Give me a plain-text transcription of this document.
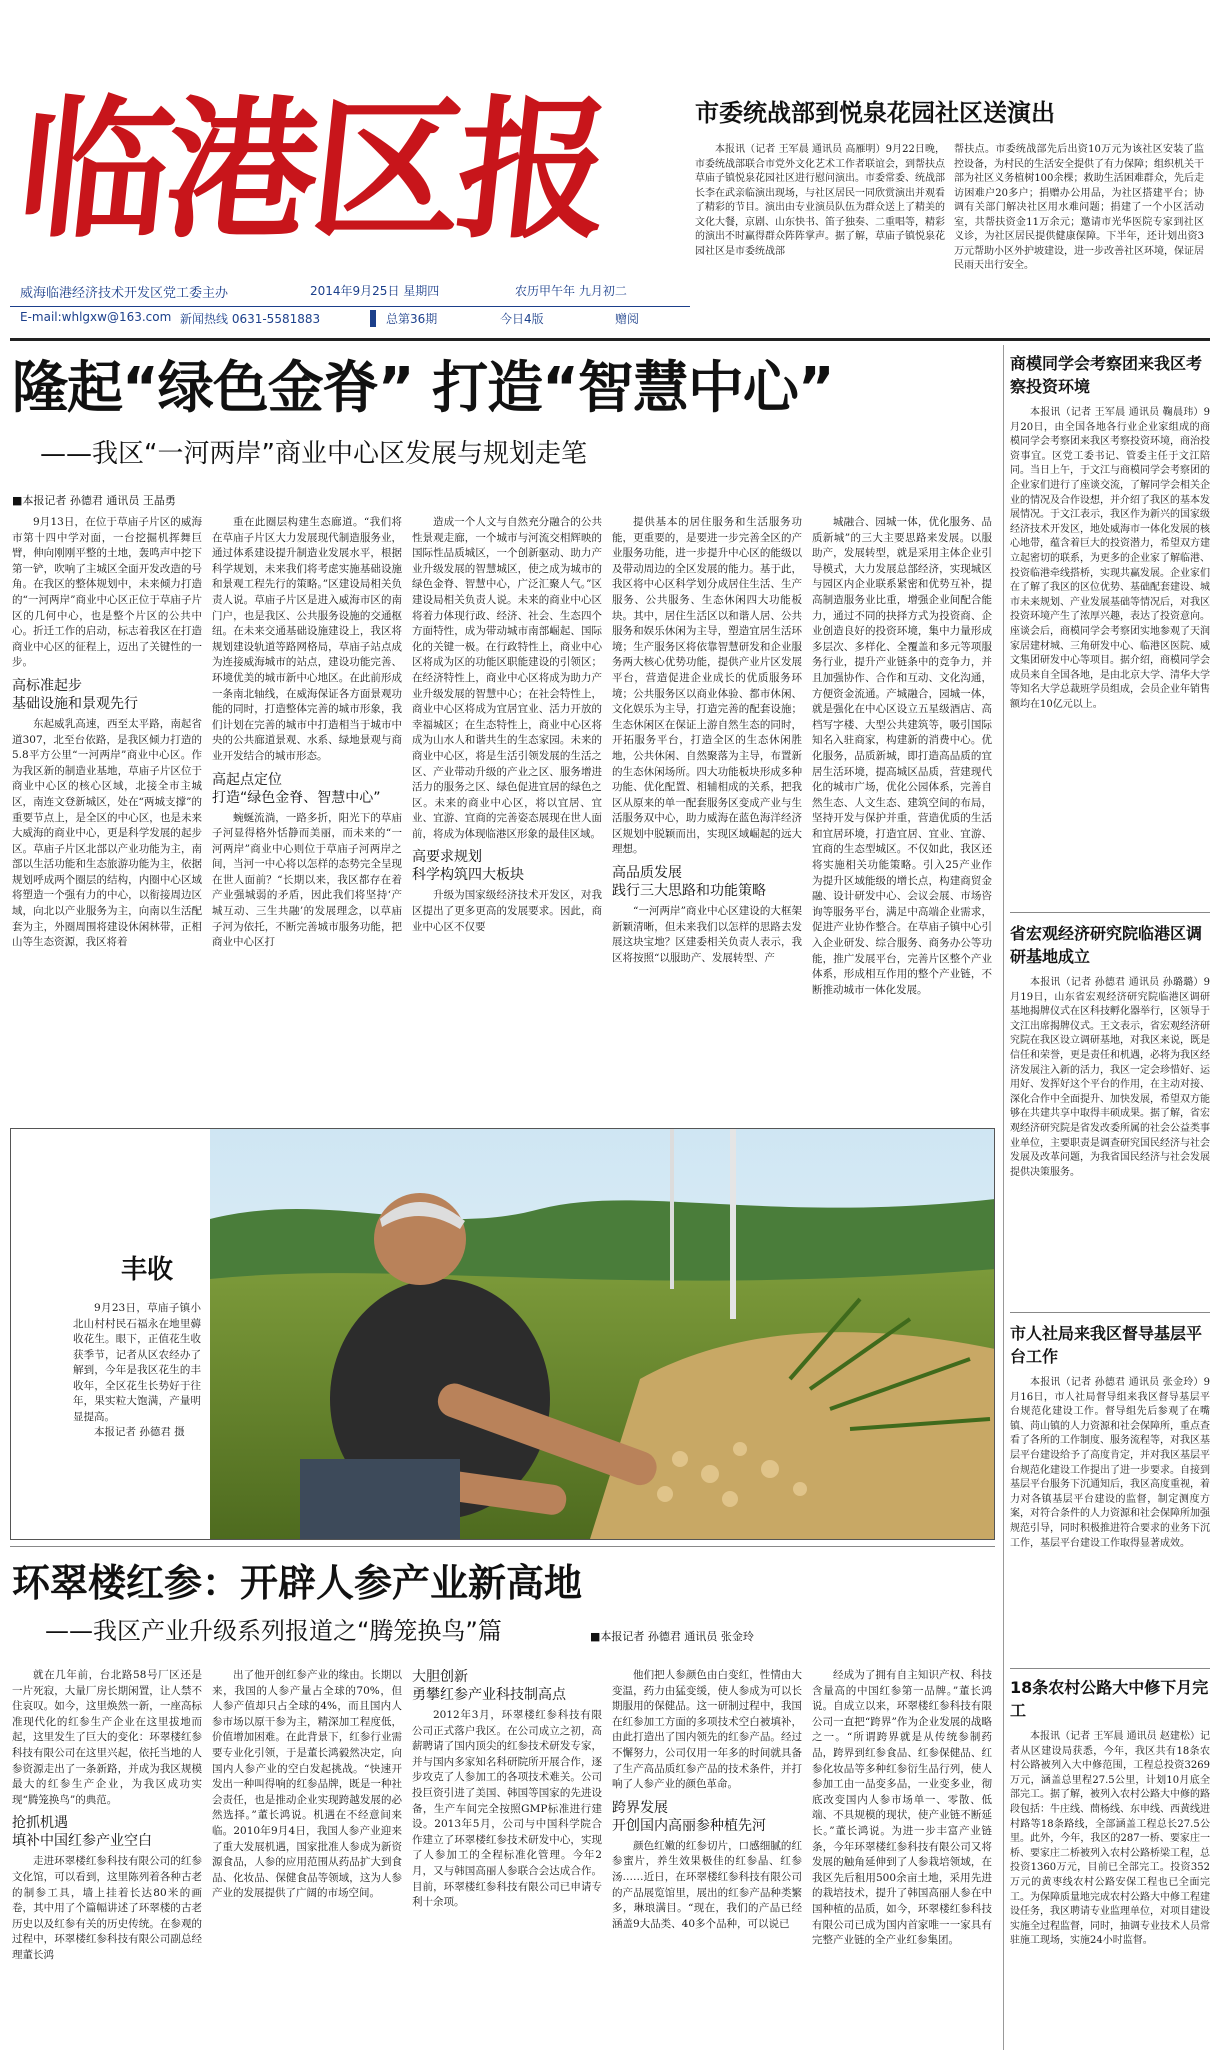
临港区报
威海临港经济技术开发区党工委主办	2014年9月25日 星期四	农历甲午年 九月初二
E-mail:whlgxw@163.com 新闻热线 0631-5581883	总第36期	今日4版	赠阅
市委统战部到悦泉花园社区送演出

本报讯（记者 王军晨 通讯员 高雁明）9月22日晚，市委统战部联合市党外文化艺术工作者联谊会，到帮扶点草庙子镇悦泉花园社区进行慰问演出。市委常委、统战部长李在武亲临演出现场，与社区居民一同欣赏演出并观看了精彩的节目。演出由专业演员队伍为群众送上了精美的文化大餐，京剧、山东快书、笛子独奏、二重唱等，精彩的演出不时赢得群众阵阵掌声。据了解，草庙子镇悦泉花园社区是市委统战部

帮扶点。市委统战部先后出资10万元为该社区安装了监控设备，为村民的生活安全提供了有力保障；组织机关干部为社区义务植树100余棵；救助生活困难群众，先后走访困难户20多户；捐赠办公用品，为社区搭建平台；协调有关部门解决社区用水难问题；捐建了一个小区活动室，共帮扶资金11万余元；邀请市光华医院专家到社区义诊，为社区居民提供健康保障。下半年，还计划出资3万元帮助小区外护坡建设，进一步改善社区环境，保证居民雨天出行安全。
隆起“绿色金脊” 打造“智慧中心”
——我区“一河两岸”商业中心区发展与规划走笔
■本报记者 孙德君 通讯员 王晶勇

9月13日，在位于草庙子片区的威海市第十四中学对面，一台挖掘机挥舞巨臂，伸向刚刚平整的土地，轰鸣声中挖下第一铲，吹响了主城区全面开发改造的号角。在我区的整体规划中，未来倾力打造的“一河两岸”商业中心区正位于草庙子片区的几何中心，也是整个片区的公共中心。折迁工作的启动，标志着我区在打造商业中心区的征程上，迈出了关键性的一步。

高标准起步
基础设施和景观先行

东起威乳高速，西至太平路，南起省道307，北至台依路，是我区倾力打造的5.8平方公里“一河两岸”商业中心区。作为我区新的制造业基地，草庙子片区位于商业中心区的核心区域，北接全市主城区，南连文登新城区，处在“两城支撑”的重要节点上，是全区的中心区，也是未来大威海的商业中心，更是科学发展的起步区。草庙子片区北部以产业功能为主，南部以生活功能和生态旅游功能为主，依据规划呼成两个圈层的结构，内圈中心区域将塑造一个强有力的中心，以衔接周边区域，向北以产业服务为主，向南以生活配套为主，外圈周围将建设休闲林带，正相山等生态资源，我区将着

重在此圈层构建生态廊道。“我们将在草庙子片区大力发展现代制造服务业，通过体系建设提升制造业发展水平，根据科学规划，未来我们将考虑实施基础设施和景观工程先行的策略。”区建设局相关负责人说。草庙子片区是进入威海市区的南门户，也是我区、公共服务设施的交通枢纽。在未来交通基础设施建设上，我区将规划建设轨道等路网格局，草庙子站点成为连接威海城市的站点，建设功能完善、环境优美的城市新中心地区。在此前形成一条南北轴线，在威海保证各方面景观功能的同时，打造整体完善的城市形象，我们计划在完善的城市中打造相当于城市中央的公共廊道景观、水系、绿地景观与商业开发结合的城市形态。

高起点定位
打造“绿色金脊、智慧中心”

蜿蜒流淌，一路多折，阳光下的草庙子河显得格外恬静而美丽，而未来的“一河两岸”商业中心则位于草庙子河两岸之间，当河一中心将以怎样的态势完全呈现在世人面前？“长期以来，我区都存在着产业强城弱的矛盾，因此我们将坚持‘产城互动、三生共融’的发展理念，以草庙子河为依托，不断完善城市服务功能，把商业中心区打

造成一个人文与自然充分融合的公共性景观走廊，一个城市与河流交相辉映的国际性品质城区，一个创新驱动、助力产业升级发展的智慧城区，使之成为城市的绿色金脊、智慧中心，广泛汇聚人气。”区建设局相关负责人说。未来的商业中心区将着力体现行政、经济、社会、生态四个方面特性，成为带动城市南部崛起、国际化的关键一极。在行政特性上，商业中心区将成为区的功能区职能建设的引领区；在经济特性上，商业中心区将成为助力产业升级发展的智慧中心；在社会特性上，商业中心区将成为宜居宜业、活力开放的幸福城区；在生态特性上，商业中心区将成为山水人和谐共生的生态家园。未来的商业中心区，将是生活引领发展的生活之区、产业带动升级的产业之区、服务增进活力的服务之区、绿色促进宜居的绿色之区。未来的商业中心区，将以宜居、宜业、宜游、宜商的完善姿态展现在世人面前，将成为体现临港区形象的最佳区域。

高要求规划
科学构筑四大板块

升级为国家级经济技术开发区，对我区提出了更多更高的发展要求。因此，商业中心区不仅要

提供基本的居住服务和生活服务功能，更重要的，是要进一步完善全区的产业服务功能，进一步提升中心区的能级以及带动周边的全区发展的能力。基于此，我区将中心区科学划分成居住生活、生产服务、公共服务、生态休闲四大功能板块。其中，居住生活区以和谐人居、公共服务和娱乐休闲为主导，塑造宜居生活环境；生产服务区将依靠智慧研发和企业服务两大核心优势功能，提供产业片区发展平台，营造促进企业成长的优质服务环境；公共服务区以商业体验、都市休闲、文化娱乐为主导，打造完善的配套设施；生态休闲区在保证上游自然生态的同时，开拓服务平台，打造全区的生态休闲胜地，公共休闲、自然聚落为主导，布置新的生态休闲场所。四大功能板块形成多种功能、优化配置、相辅相成的关系，把我区从原来的单一配套服务区变成产业与生活服务双中心，助力威海在蓝色海洋经济区规划中脱颖而出，实现区域崛起的远大理想。

高品质发展
践行三大思路和功能策略

“一河两岸”商业中心区建设的大框架新颖清晰，但未来我们以怎样的思路去发展这块宝地？区建委相关负责人表示，我区将按照“以服助产、发展转型、产

城融合、园城一体，优化服务、品质新城”的三大主要思路来发展。以服助产，发展转型，就是采用主体企业引导模式，大力发展总部经济，实现城区与园区内企业联系紧密和优势互补，提高制造服务业比重，增强企业间配合能力，通过不同的抉择方式为投资商、企业创造良好的投资环境，集中力量形成多层次、多样化、全覆盖和多元等项服务行业，提升产业链条中的竞争力，并且加强协作、合作和互动、文化沟通，方便资金流通。产城融合，园城一体，就是强化在中心区设立五星级酒店、高档写字楼、大型公共建筑等，吸引国际知名入驻商家，构建新的消费中心。优化服务，品质新城，即打造高品质的宜居生活环境，提高城区品质，营建现代化的城市广场，优化公园体系，完善自然生态、人文生态、建筑空间的布局，坚持开发与保护并重，营造优质的生活和宜居环境，打造宜居、宜业、宜游、宜商的生态型城区。不仅如此，我区还将实施相关功能策略。引入25产业作为提升区域能级的增长点，构建商贸金融、设计研发中心、会议会展、市场咨询等服务平台，满足中高端企业需求，促进产业协作整合。在草庙子镇中心引入企业研发、综合服务、商务办公等功能，推广发展平台，完善片区整个产业体系，形成相互作用的整个产业链，不断推动城市一体化发展。

丰收

9月23日，草庙子镇小北山村村民石福永在地里薅收花生。眼下，正值花生收获季节，记者从区农经办了解到，今年是我区花生的丰收年，全区花生长势好于往年，果实粒大饱满，产量明显提高。

本报记者 孙德君 摄

环翠楼红参：开辟人参产业新高地
——我区产业升级系列报道之“腾笼换鸟”篇	■本报记者 孙德君 通讯员 张金玲

就在几年前，台北路58号厂区还是一片死寂，大量厂房长期闲置，让人禁不住哀叹。如今，这里焕然一新，一座高标准现代化的红参生产企业在这里拔地而起，这里发生了巨大的变化：环翠楼红参科技有限公司在这里兴起，依托当地的人参资源走出了一条新路，并成为我区规模最大的红参生产企业，为我区成功实现“腾笼换鸟”的典范。

抢抓机遇
填补中国红参产业空白

走进环翠楼红参科技有限公司的红参文化馆，可以看到，这里陈列着各种古老的制参工具，墙上挂着长达80米的画卷，其中用了个篇幅讲述了环翠楼的古老历史以及红参有关的历史传统。在参观的过程中，环翠楼红参科技有限公司副总经理董长鸿

出了他开创红参产业的缘由。长期以来，我国的人参产量占全球的70%，但人参产值却只占全球的4%，而且国内人参市场以原干参为主，精深加工程度低，价值增加困难。在此背景下，红参行业需要专业化引领，于是董长鸿毅然决定，向国内人参产业的空白发起挑战。“快速开发出一种叫得响的红参品牌，既是一种社会责任，也是推动企业实现跨越发展的必然选择。”董长鸿说。机遇在不经意间来临。2010年9月4日，我国人参产业迎来了重大发展机遇，国家批准人参成为新资源食品，人参的应用范围从药品扩大到食品、化妆品、保健食品等领域，这为人参产业的发展提供了广阔的市场空间。

大胆创新
勇攀红参产业科技制高点

2012年3月，环翠楼红参科技有限公司正式落户我区。在公司成立之初，高薪聘请了国内顶尖的红参技术研发专家，并与国内多家知名科研院所开展合作，逐步攻克了人参加工的各项技术难关。公司投巨资引进了美国、韩国等国家的先进设备，生产车间完全按照GMP标准进行建设。2013年5月，公司与中国科学院合作建立了环翠楼红参技术研发中心，实现了人参加工的全程标准化管理。今年2月，又与韩国高丽人参联合会达成合作。目前，环翠楼红参科技有限公司已申请专利十余项。

他们把人参颜色由白变红，性情由大变温，药力由猛变缓，使人参成为可以长期服用的保健品。这一研制过程中，我国在红参加工方面的多项技术空白被填补，由此打造出了国内领先的红参产品。经过不懈努力，公司仅用一年多的时间就具备了生产高品质红参产品的技术条件，并打响了人参产业的颜色革命。

跨界发展
开创国内高丽参种植先河

颜色红嫩的红参切片，口感细腻的红参蜜片，养生效果极佳的红参晶、红参汤……近日，在环翠楼红参科技有限公司的产品展览馆里，展出的红参产品种类繁多，琳琅满目。“现在，我们的产品已经涵盖9大品类、40多个品种，可以说已

经成为了拥有自主知识产权、科技含量高的中国红参第一品牌。”董长鸿说。自成立以来，环翠楼红参科技有限公司一直把“跨界”作为企业发展的战略之一。“所谓跨界就是从传统参制药品，跨界到红参食品、红参保健品、红参化妆品等多种红参衍生品行列，使人参加工由一品变多品，一业变多业，彻底改变国内人参市场单一、零散、低端、不具规模的现状，使产业链不断延长。”董长鸿说。为进一步丰富产业链条，今年环翠楼红参科技有限公司又将发展的触角延伸到了人参栽培领域，在我区先后租用500余亩土地，采用先进的栽培技术，提升了韩国高丽人参在中国种植的品质，如今，环翠楼红参科技有限公司已成为国内首家唯一一家具有完整产业链的全产业红参集团。

商模同学会考察团来我区考察投资环境

本报讯（记者 王军晨 通讯员 鞠晨玮）9月20日，由全国各地各行业企业家组成的商模同学会考察团来我区考察投资环境，商治投资事宜。区党工委书记、管委主任于文江陪同。当日上午，于文江与商模同学会考察团的企业家们进行了座谈交流，了解同学会相关企业的情况及合作设想，并介绍了我区的基本发展情况。于文江表示，我区作为新兴的国家级经济技术开发区，地处威海市一体化发展的核心地带，蕴含着巨大的投资潜力，希望双方建立起密切的联系，为更多的企业家了解临港、投资临港牵线搭桥，实现共赢发展。企业家们在了解了我区的区位优势、基础配套建设、城市未来规划、产业发展基础等情况后，对我区投资环境产生了浓厚兴趣，表达了投资意向。座谈会后，商模同学会考察团实地参观了天润家居建材城、三角研发中心、临港区医院、威文集团研发中心等项目。据介绍，商模同学会成员来自全国各地，是由北京大学、清华大学等知名大学总裁班学员组成，会员企业年销售额均在10亿元以上。

省宏观经济研究院临港区调研基地成立

本报讯（记者 孙德君 通讯员 孙璐璐）9月19日，山东省宏观经济研究院临港区调研基地揭牌仪式在区科技孵化器举行，区领导于文江出席揭牌仪式。王文表示，省宏观经济研究院在我区设立调研基地，对我区来说，既是信任和荣誉，更是责任和机遇，必将为我区经济发展注入新的活力，我区一定会珍惜好、运用好、发挥好这个平台的作用，在主动对接、深化合作中全面提升、加快发展，希望双方能够在共建共享中取得丰硕成果。据了解，省宏观经济研究院是省发改委所属的社会公益类事业单位，主要职责是调查研究国民经济与社会发展及改革问题，为我省国民经济与社会发展提供决策服务。

市人社局来我区督导基层平台工作

本报讯（记者 孙德君 通讯员 张金玲）9月16日，市人社局督导组来我区督导基层平台规范化建设工作。督导组先后参观了在嘴镇、苘山镇的人力资源和社会保障所，重点查看了各所的工作制度、服务流程等，对我区基层平台建设给予了高度肯定，并对我区基层平台规范化建设工作提出了进一步要求。自接到基层平台服务下沉通知后，我区高度重视，着力对各镇基层平台建设的监督，制定测度方案，对符合条件的人力资源和社会保障所加强规范引导，同时积极推进符合要求的业务下沉工作，基层平台建设工作取得显著成效。

18条农村公路大中修下月完工

本报讯（记者 王军晨 通讯员 赵建松）记者从区建设局获悉，今年，我区共有18条农村公路被列入大中修范围，工程总投资3269万元，涵盖总里程27.5公里，计划10月底全部完工。据了解，被列入农村公路大中修的路段包括：牛庄线、蔄杨线、东申线、西黄线进村路等18条路线，全部涵盖工程总长27.5公里。此外，今年，我区的287一桥、要家庄一桥、要家庄二桥被列入农村公路桥梁工程，总投资1360万元，目前已全部完工。投资352万元的黄枣线农村公路安保工程也已全面完工。为保障质量地完成农村公路大中修工程建设任务，我区聘请专业监理单位，对项目建设实施全过程监督，同时，抽调专业技术人员常驻施工现场，实施24小时监督。
